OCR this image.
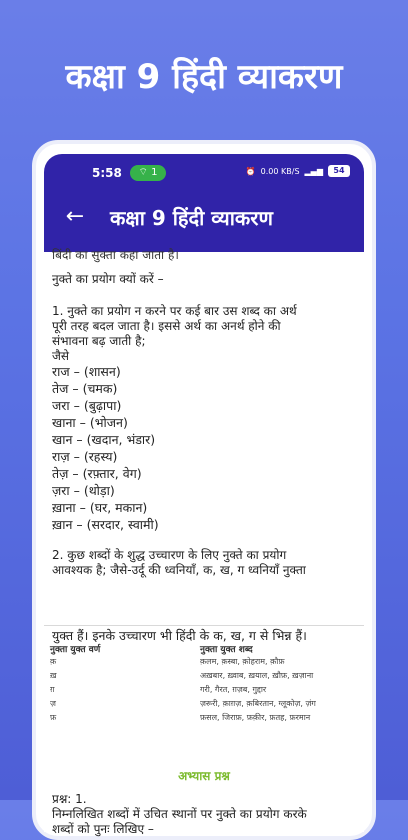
कक्षा 9 हिंदी व्याकरण
5:58	⌔ 1	⏰ 0.00 KB/S ▂▄▆	54
← कक्षा 9 हिंदी व्याकरण
बिंदी का सुक्ता कहा जाता है।
नुक्ते का प्रयोग क्यों करें –
1. नुक्ते का प्रयोग न करने पर कई बार उस शब्द का अर्थ
पूरी तरह बदल जाता है। इससे अर्थ का अनर्थ होने की
संभावना बढ़ जाती है;
जैसे
राज – (शासन)
तेज – (चमक)
जरा – (बुढ़ापा)
खाना – (भोजन)
खान – (खदान, भंडार)
राज़ – (रहस्य)
तेज़ – (रफ़्तार, वेग)
ज़रा – (थोड़ा)
ख़ाना – (घर, मकान)
ख़ान – (सरदार, स्वामी)
2. कुछ शब्दों के शुद्ध उच्चारण के लिए नुक्ते का प्रयोग
आवश्यक है; जैसे-उर्दू की ध्वनियाँ, क, ख, ग ध्वनियाँ नुक्ता
युक्त हैं। इनके उच्चारण भी हिंदी के क, ख, ग से भिन्न हैं।
नुक्ता युक्त वर्ण	नुक्ता युक्त शब्द
क़	क़लम, क़स्बा, क़ोहराम, क़ौफ़
ख़	अख़बार, ख़्वाब, ख़याल, ख़ौफ़, ख़ज़ाना
ग़	गरी, गैरत, ग़ज़ब, गुद्दार
ज़	ज़रूरी, क़ाग़ज़, क़बिरतान, ग्लूकोज़, ज़ंग
फ़	फ़सल, जिराफ़, फ़क़ीर, फ़तह, फ़रमान
अभ्यास प्रश्न
प्रश्न: 1.
निम्नलिखित शब्दों में उचित स्थानों पर नुक्ते का प्रयोग करके
शब्दों को पुनः लिखिए –
